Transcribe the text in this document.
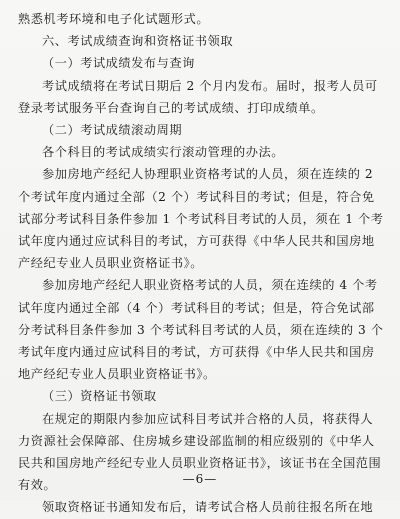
熟悉机考环境和电子化试题形式。
六、考试成绩查询和资格证书领取
（一）考试成绩发布与查询
考试成绩将在考试日期后 2 个月内发布。届时，报考人员可
登录考试服务平台查询自己的考试成绩、打印成绩单。
（二）考试成绩滚动周期
各个科目的考试成绩实行滚动管理的办法。
参加房地产经纪人协理职业资格考试的人员，须在连续的 2
个考试年度内通过全部（2 个）考试科目的考试；但是，符合免
试部分考试科目条件参加 1 个考试科目考试的人员，须在 1 个考
试年度内通过应试科目的考试，方可获得《中华人民共和国房地
产经纪专业人员职业资格证书》。
参加房地产经纪人职业资格考试的人员，须在连续的 4 个考
试年度内通过全部（4 个）考试科目的考试；但是，符合免试部
分考试科目条件参加 3 个考试科目考试的人员，须在连续的 3 个
考试年度内通过应试科目的考试，方可获得《中华人民共和国房
地产经纪专业人员职业资格证书》。
（三）资格证书领取
在规定的期限内参加应试科目考试并合格的人员，将获得人
力资源社会保障部、住房城乡建设部监制的相应级别的《中华人
民共和国房地产经纪专业人员职业资格证书》，该证书在全国范围
有效。
领取资格证书通知发布后，请考试合格人员前往报名所在地
—6—
